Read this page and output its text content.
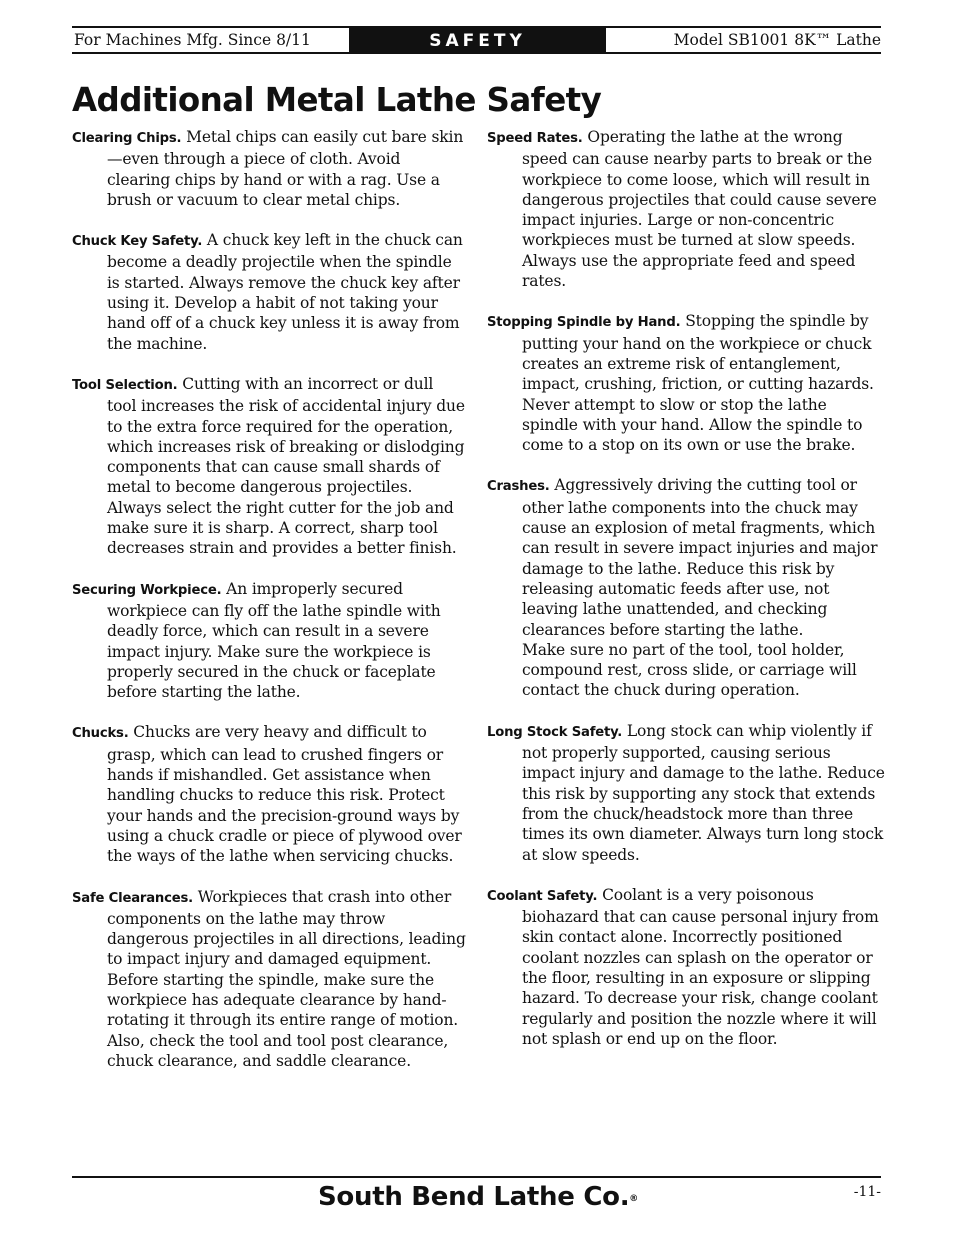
For Machines Mfg. Since 8/11	SAFETY	Model SB1001 8K™ Lathe
Additional Metal Lathe Safety

Clearing Chips. Metal chips can easily cut bare skin—even through a piece of cloth. Avoid clearing chips by hand or with a rag. Use a brush or vacuum to clear metal chips.

Chuck Key Safety. A chuck key left in the chuck can become a deadly projectile when the spindle is started. Always remove the chuck key after using it. Develop a habit of not taking your hand off of a chuck key unless it is away from the machine.

Tool Selection. Cutting with an incorrect or dull tool increases the risk of accidental injury due to the extra force required for the operation, which increases risk of breaking or dislodging components that can cause small shards of metal to become dangerous projectiles. Always select the right cutter for the job and make sure it is sharp. A correct, sharp tool decreases strain and provides a better finish.

Securing Workpiece. An improperly secured workpiece can fly off the lathe spindle with deadly force, which can result in a severe impact injury. Make sure the workpiece is properly secured in the chuck or faceplate before starting the lathe.

Chucks. Chucks are very heavy and difficult to grasp, which can lead to crushed fingers or hands if mishandled. Get assistance when handling chucks to reduce this risk. Protect your hands and the precision-ground ways by using a chuck cradle or piece of plywood over the ways of the lathe when servicing chucks.

Safe Clearances. Workpieces that crash into other components on the lathe may throw dangerous projectiles in all directions, leading to impact injury and damaged equipment. Before starting the spindle, make sure the workpiece has adequate clearance by hand-rotating it through its entire range of motion. Also, check the tool and tool post clearance, chuck clearance, and saddle clearance.

Speed Rates. Operating the lathe at the wrong speed can cause nearby parts to break or the workpiece to come loose, which will result in dangerous projectiles that could cause severe impact injuries. Large or non-concentric workpieces must be turned at slow speeds. Always use the appropriate feed and speed rates.

Stopping Spindle by Hand. Stopping the spindle by putting your hand on the workpiece or chuck creates an extreme risk of entanglement, impact, crushing, friction, or cutting hazards. Never attempt to slow or stop the lathe spindle with your hand. Allow the spindle to come to a stop on its own or use the brake.

Crashes. Aggressively driving the cutting tool or other lathe components into the chuck may cause an explosion of metal fragments, which can result in severe impact injuries and major damage to the lathe. Reduce this risk by releasing automatic feeds after use, not leaving lathe unattended, and checking clearances before starting the lathe.
Make sure no part of the tool, tool holder, compound rest, cross slide, or carriage will contact the chuck during operation.

Long Stock Safety. Long stock can whip violently if not properly supported, causing serious impact injury and damage to the lathe. Reduce this risk by supporting any stock that extends from the chuck/headstock more than three times its own diameter. Always turn long stock at slow speeds.

Coolant Safety. Coolant is a very poisonous biohazard that can cause personal injury from skin contact alone. Incorrectly positioned coolant nozzles can splash on the operator or the floor, resulting in an exposure or slipping hazard. To decrease your risk, change coolant regularly and position the nozzle where it will not splash or end up on the floor.

South Bend Lathe Co.®	-11-
